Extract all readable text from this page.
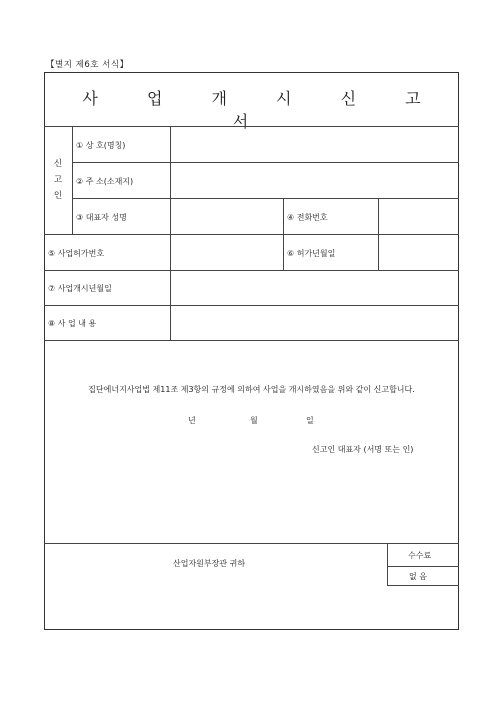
【별지 제6호 서식】
사 업 개 시 신 고 서
신
고
인
① 상 호(명칭)
② 주 소(소재지)
③ 대표자 성명	④ 전화번호
⑤ 사업허가번호	⑥ 허가년월일
⑦ 사업개시년월일
⑧ 사 업 내 용
집단에너지사업법 제11조 제3항의 규정에 의하여 사업을 개시하였음을 위와 같이 신고합니다.
년	월	일
신고인 대표자 (서명 또는 인)
산업자원부장관 귀하
수수료
없 음
